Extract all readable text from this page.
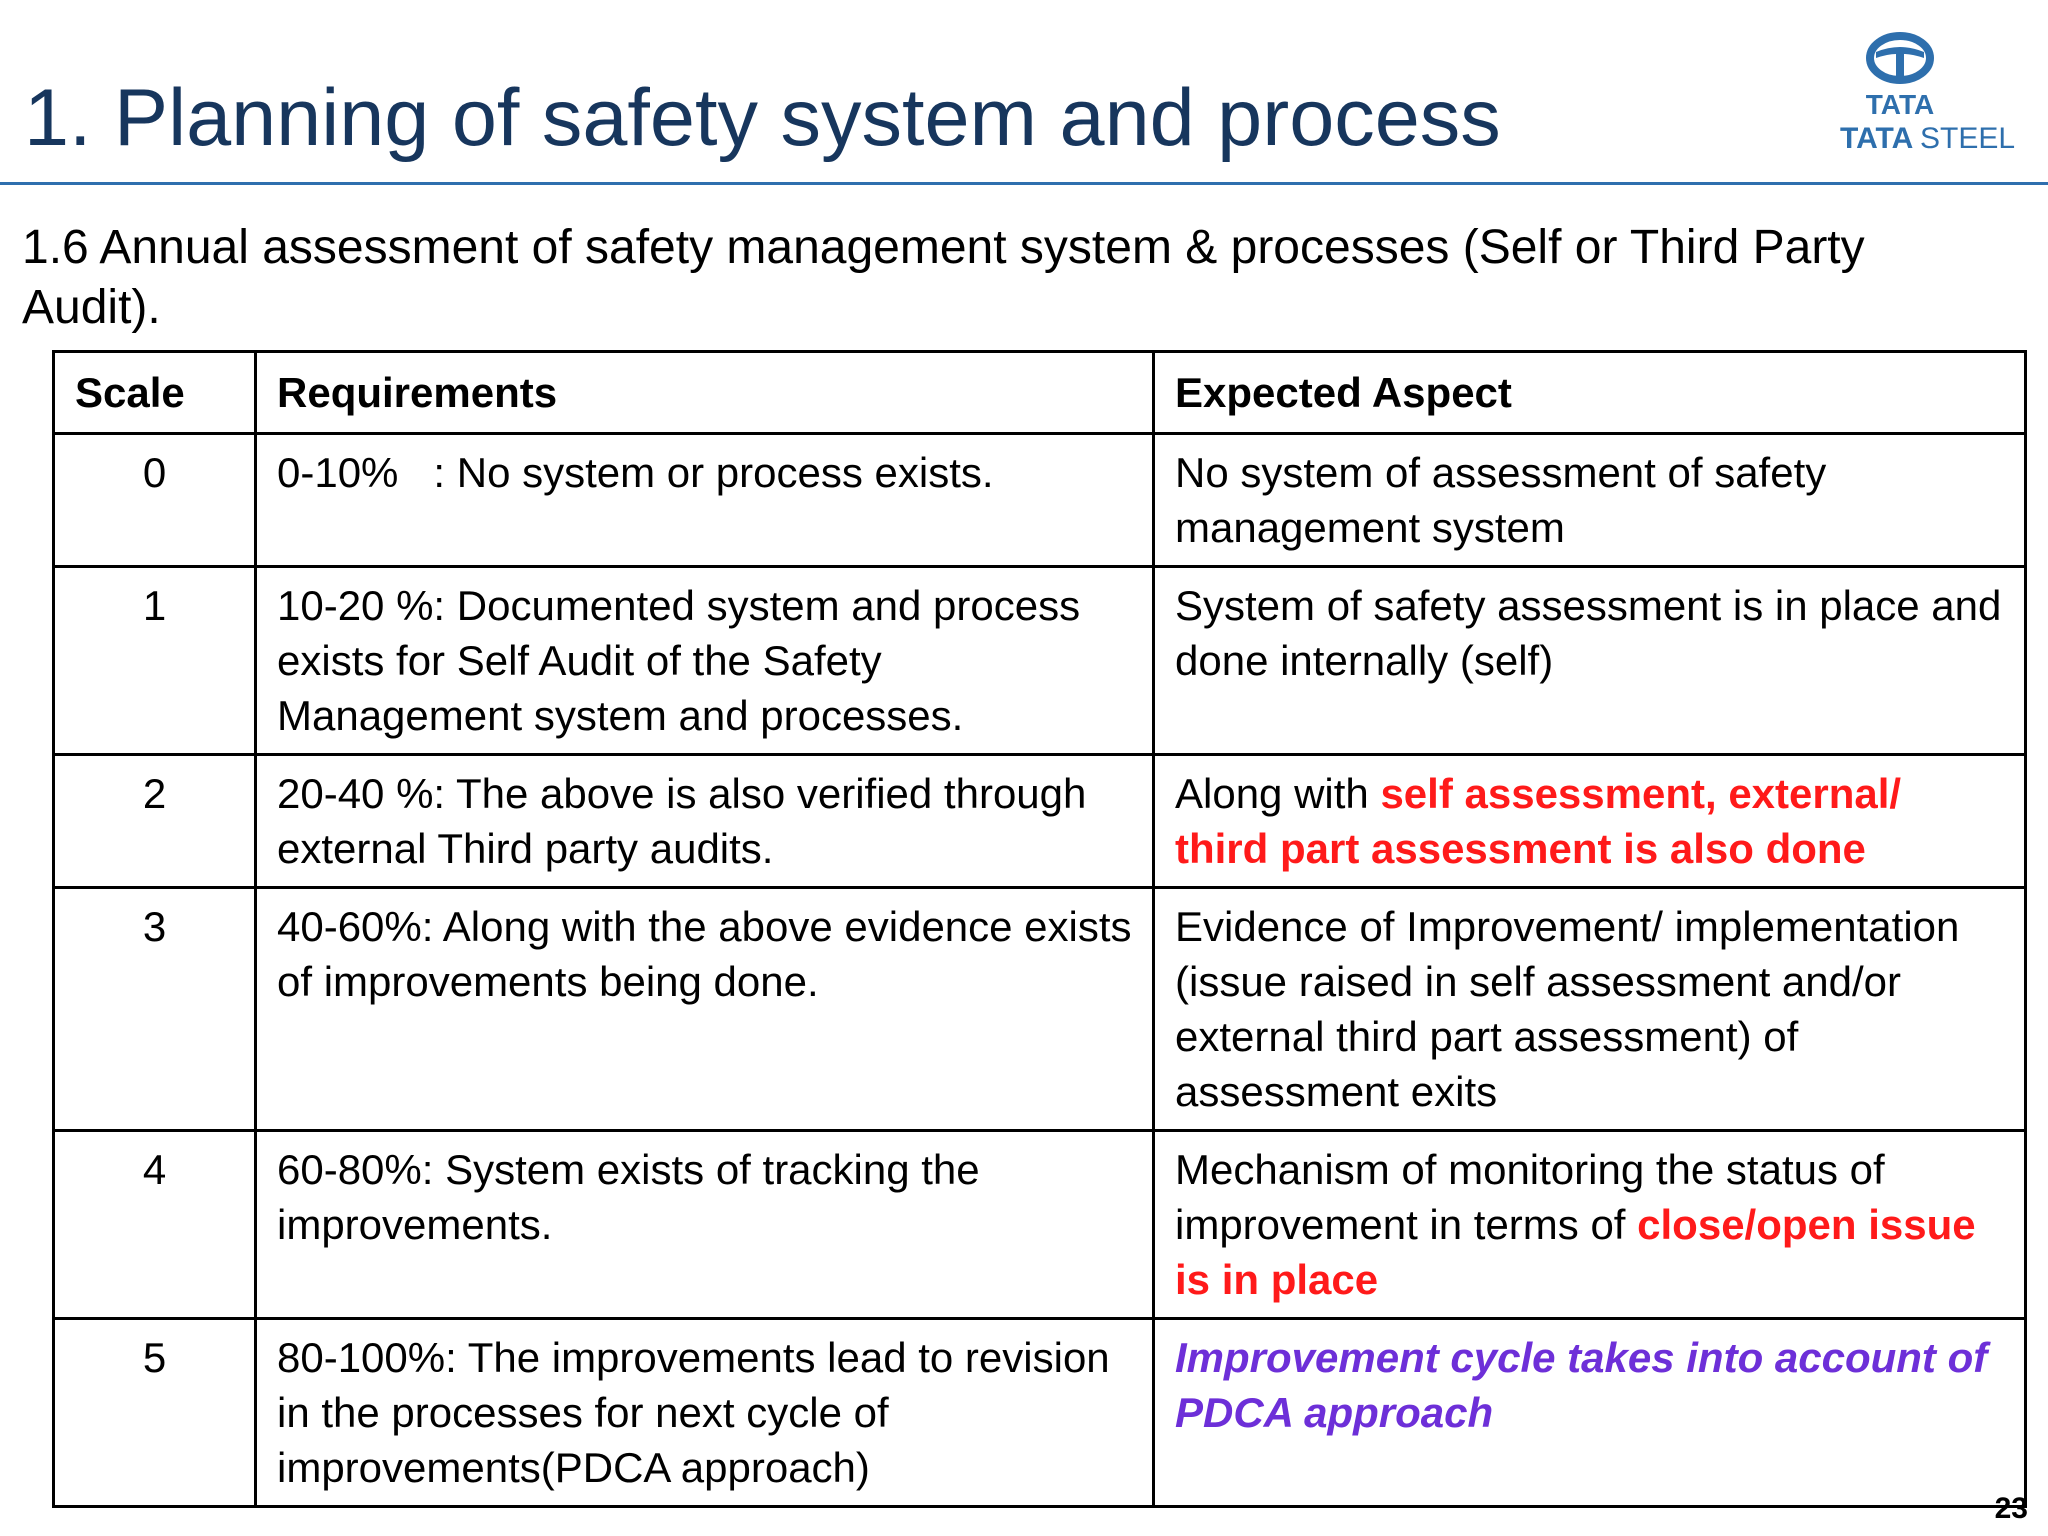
1. Planning of safety system and process	TATA
TATA STEEL
1.6 Annual assessment of safety management system & processes (Self or Third Party Audit).
Scale	Requirements	Expected Aspect
0	0-10%   : No system or process exists.	No system of assessment of safety management system
1	10-20 %: Documented system and process exists for Self Audit of the Safety Management system and processes.	System of safety assessment is in place and done internally (self)
2	20-40 %: The above is also verified through external Third party audits.	Along with self assessment, external/ third part assessment is also done
3	40-60%: Along with the above evidence exists of improvements being done.	Evidence of Improvement/ implementation (issue raised in self assessment and/or external third part assessment) of assessment exits
4	60-80%: System exists of tracking the improvements.	Mechanism of monitoring the status of improvement in terms of close/open issue is in place
5	80-100%: The improvements lead to revision in the processes for next cycle of improvements(PDCA approach)	Improvement cycle takes into account of PDCA approach
23
